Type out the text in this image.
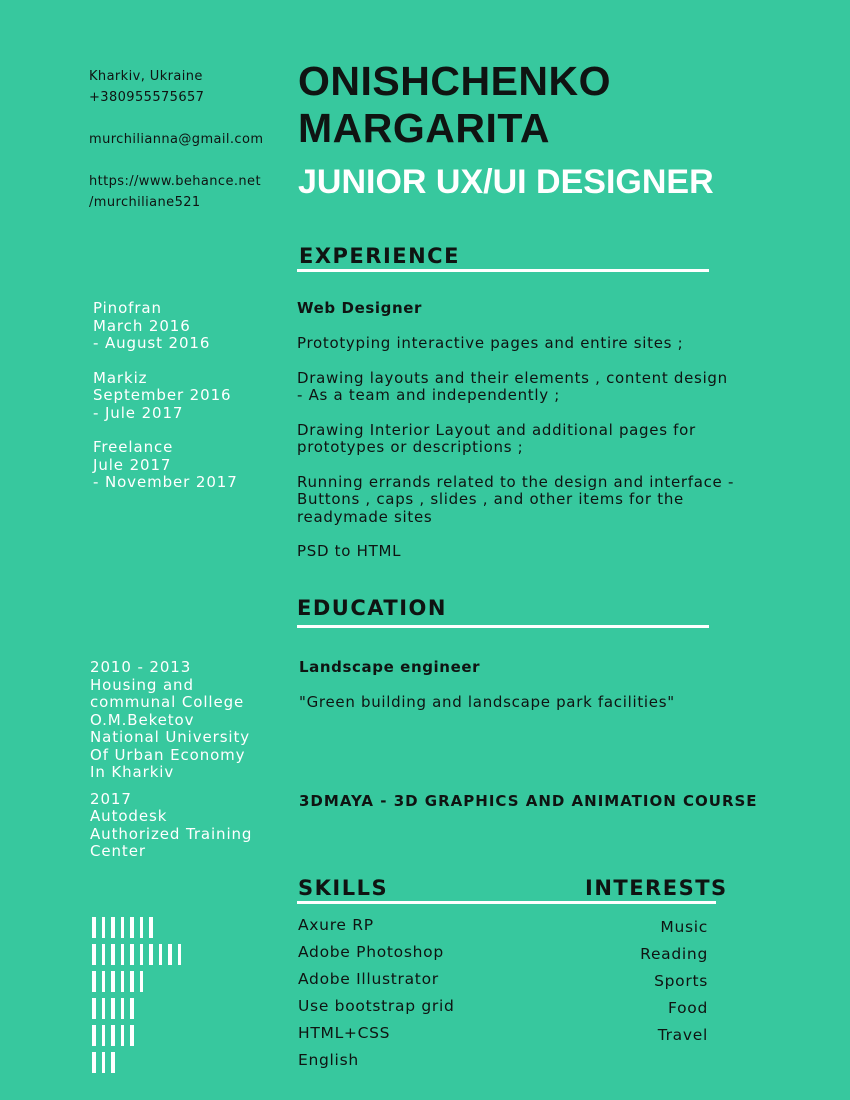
Kharkiv, Ukraine
+380955575657
murchilianna@gmail.com
https://www.behance.net
/murchiliane521
ONISHCHENKO
MARGARITA
JUNIOR UX/UI DESIGNER
EXPERIENCE
Pinofran
March 2016
- August 2016
Markiz
September 2016
- Jule 2017
Freelance
Jule 2017
- November 2017
Web Designer

Prototyping interactive pages and entire sites ;

Drawing layouts and their elements , content design - As a team and independently ;

Drawing Interior Layout and additional pages for prototypes or descriptions ;

Running errands related to the design and interface - Buttons , caps , slides , and other items for the readymade sites

PSD to HTML

EDUCATION
2010 - 2013
Housing and
communal College
O.M.Beketov
National University
Of Urban Economy
In Kharkiv
2017
Autodesk
Authorized Training
Center
Landscape engineer
"Green building and landscape park facilities"
3DMAYA - 3D GRAPHICS AND ANIMATION COURSE
SKILLS	INTERESTS
Axure RP
Adobe Photoshop
Adobe Illustrator
Use bootstrap grid
HTML+CSS
English
Music
Reading
Sports
Food
Travel
